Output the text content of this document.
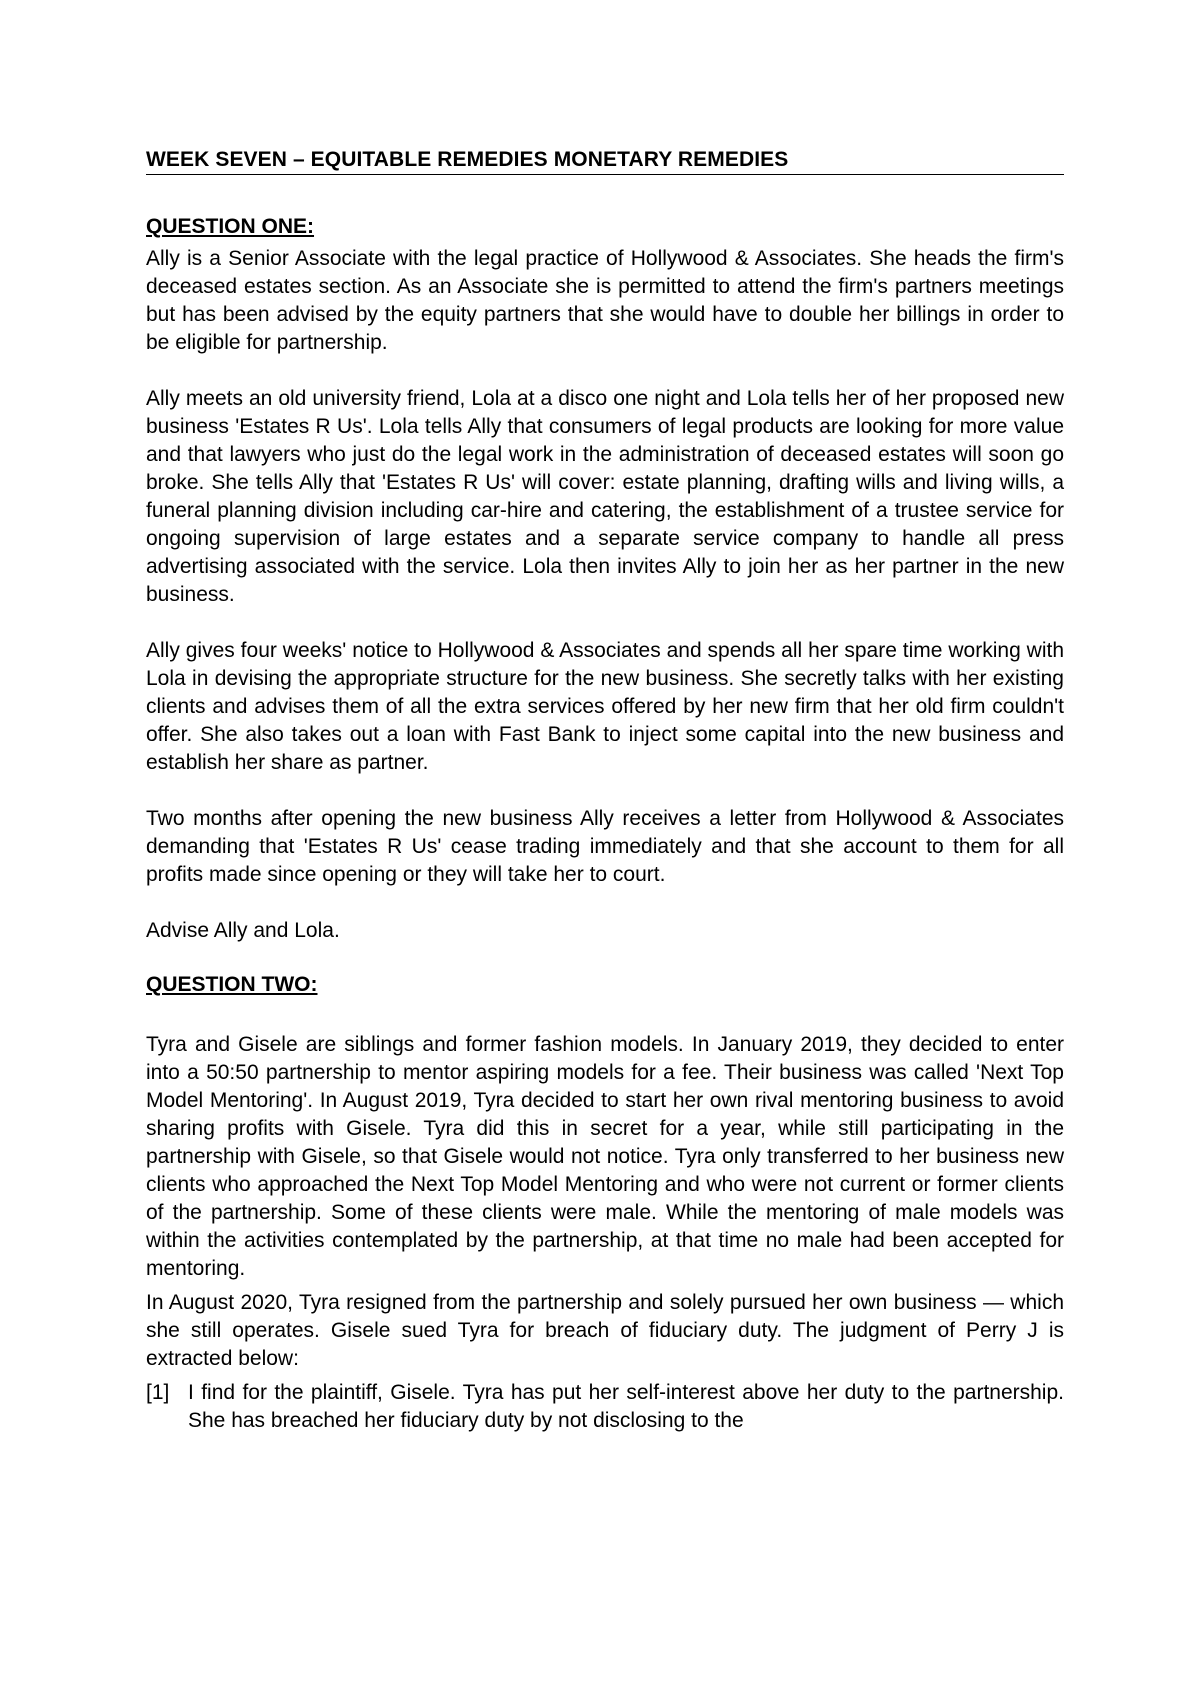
WEEK SEVEN – EQUITABLE REMEDIES MONETARY REMEDIES
QUESTION ONE:

Ally is a Senior Associate with the legal practice of Hollywood & Associates. She heads the firm's deceased estates section. As an Associate she is permitted to attend the firm's partners meetings but has been advised by the equity partners that she would have to double her billings in order to be eligible for partnership.

Ally meets an old university friend, Lola at a disco one night and Lola tells her of her proposed new business 'Estates R Us'. Lola tells Ally that consumers of legal products are looking for more value and that lawyers who just do the legal work in the administration of deceased estates will soon go broke. She tells Ally that 'Estates R Us' will cover: estate planning, drafting wills and living wills, a funeral planning division including car-hire and catering, the establishment of a trustee service for ongoing supervision of large estates and a separate service company to handle all press advertising associated with the service. Lola then invites Ally to join her as her partner in the new business.

Ally gives four weeks' notice to Hollywood & Associates and spends all her spare time working with Lola in devising the appropriate structure for the new business. She secretly talks with her existing clients and advises them of all the extra services offered by her new firm that her old firm couldn't offer. She also takes out a loan with Fast Bank to inject some capital into the new business and establish her share as partner.

Two months after opening the new business Ally receives a letter from Hollywood & Associates demanding that 'Estates R Us' cease trading immediately and that she account to them for all profits made since opening or they will take her to court.

Advise Ally and Lola.

QUESTION TWO:

Tyra and Gisele are siblings and former fashion models. In January 2019, they decided to enter into a 50:50 partnership to mentor aspiring models for a fee. Their business was called 'Next Top Model Mentoring'. In August 2019, Tyra decided to start her own rival mentoring business to avoid sharing profits with Gisele. Tyra did this in secret for a year, while still participating in the partnership with Gisele, so that Gisele would not notice. Tyra only transferred to her business new clients who approached the Next Top Model Mentoring and who were not current or former clients of the partnership. Some of these clients were male. While the mentoring of male models was within the activities contemplated by the partnership, at that time no male had been accepted for mentoring.

In August 2020, Tyra resigned from the partnership and solely pursued her own business — which she still operates. Gisele sued Tyra for breach of fiduciary duty. The judgment of Perry J is extracted below:

[1] I find for the plaintiff, Gisele. Tyra has put her self-interest above her duty to the partnership. She has breached her fiduciary duty by not disclosing to the
